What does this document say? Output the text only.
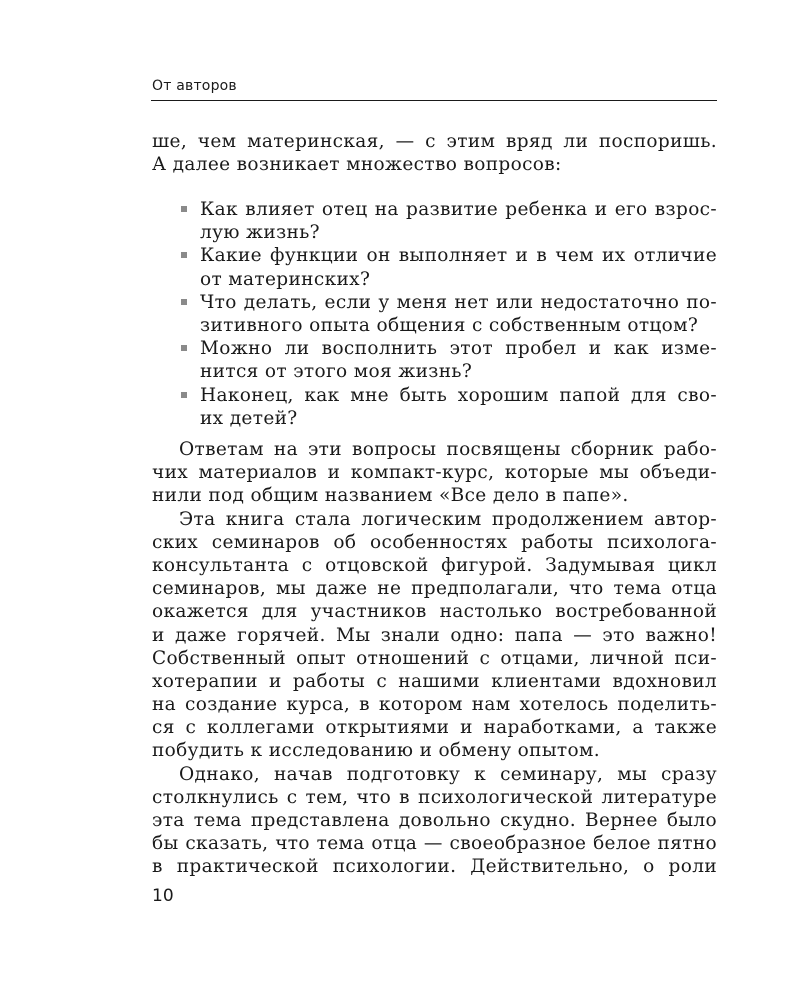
От авторов
ше, чем материнская, — с этим вряд ли поспоришь.
А далее возникает множество вопросов:
Как влияет отец на развитие ребенка и его взрос-
лую жизнь?
Какие функции он выполняет и в чем их отличие
от материнских?
Что делать, если у меня нет или недостаточно по-
зитивного опыта общения с собственным отцом?
Можно ли восполнить этот пробел и как изме-
нится от этого моя жизнь?
Наконец, как мне быть хорошим папой для сво-
их детей?
Ответам на эти вопросы посвящены сборник рабо-
чих материалов и компакт-курс, которые мы объеди-
нили под общим названием «Все дело в папе».
Эта книга стала логическим продолжением автор-
ских семинаров об особенностях работы психолога-
консультанта с отцовской фигурой. Задумывая цикл
семинаров, мы даже не предполагали, что тема отца
окажется для участников настолько востребованной
и даже горячей. Мы знали одно: папа — это важно!
Собственный опыт отношений с отцами, личной пси-
хотерапии и работы с нашими клиентами вдохновил
на создание курса, в котором нам хотелось поделить-
ся с коллегами открытиями и наработками, а также
побудить к исследованию и обмену опытом.
Однако, начав подготовку к семинару, мы сразу
столкнулись с тем, что в психологической литературе
эта тема представлена довольно скудно. Вернее было
бы сказать, что тема отца — своеобразное белое пятно
в практической психологии. Действительно, о роли
10
